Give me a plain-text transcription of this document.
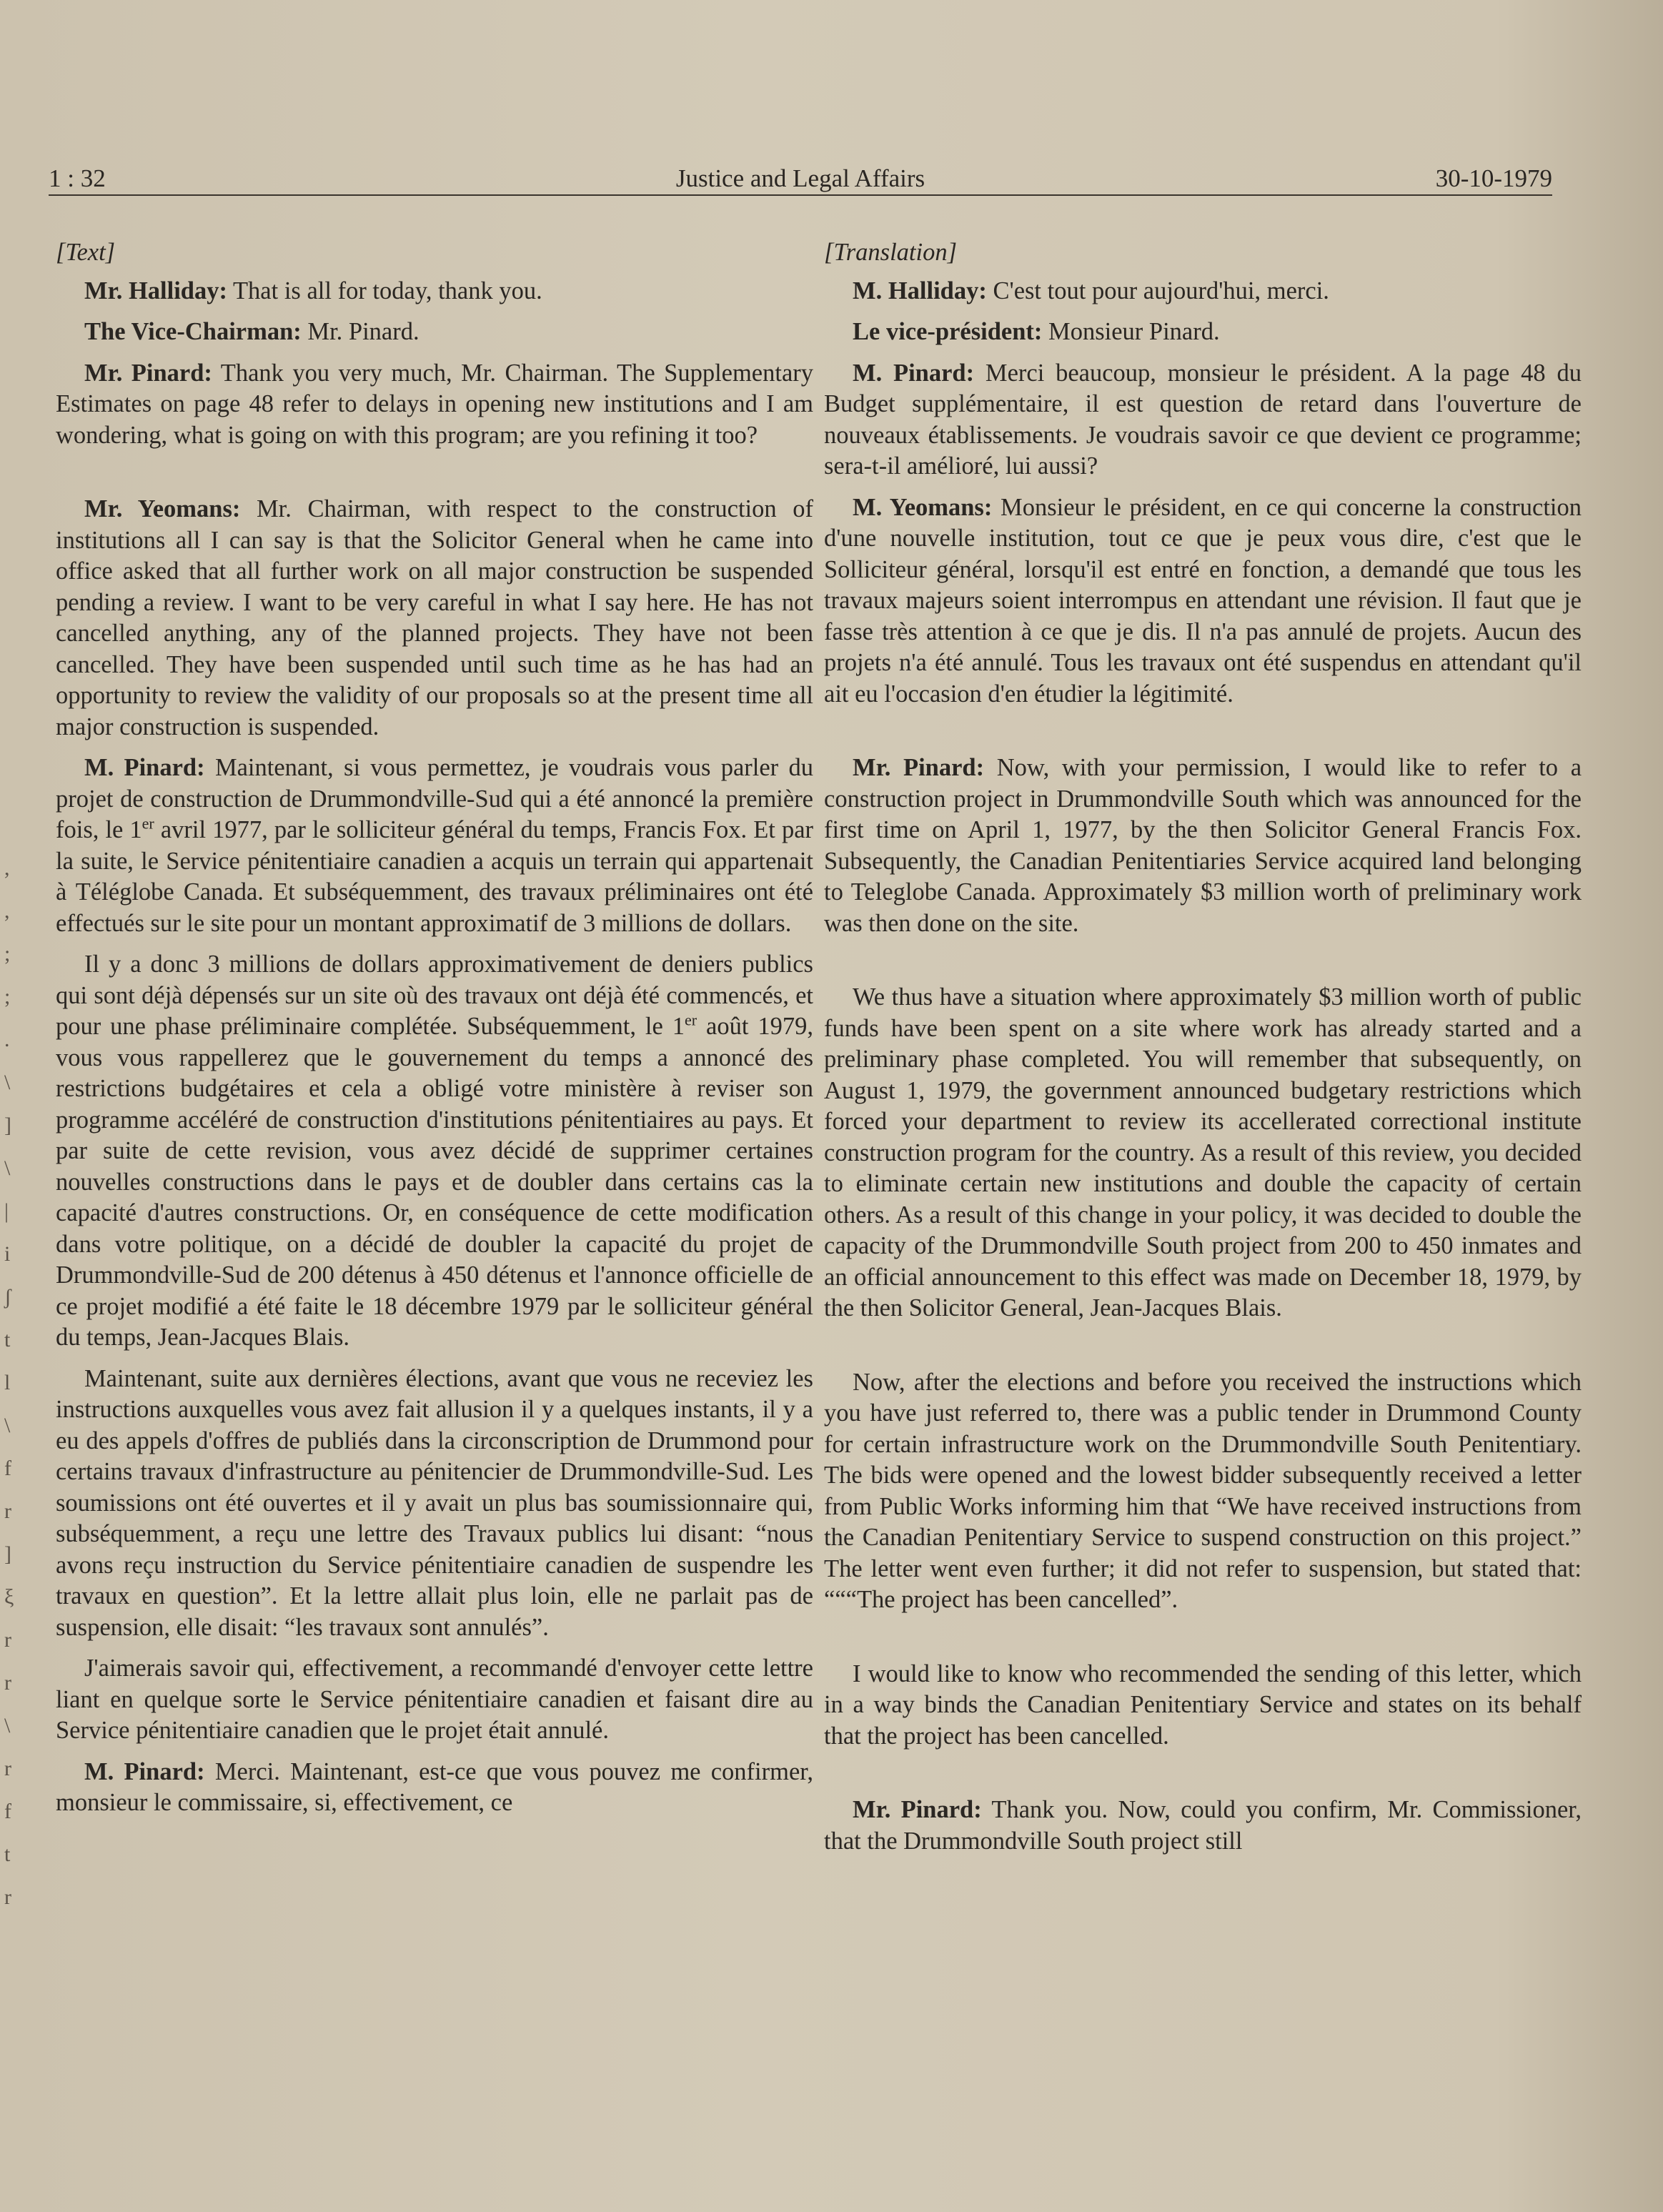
1 : 32	Justice and Legal Affairs	30-10-1979
,
,
;
;
.
\
]
\
|
i
ʃ
t
l
\
f
r
]
ξ
r
r
\
r
f
t
r

[Text]

Mr. Halliday: That is all for today, thank you.

The Vice-Chairman: Mr. Pinard.

Mr. Pinard: Thank you very much, Mr. Chairman. The Supplementary Estimates on page 48 refer to delays in opening new institutions and I am wondering, what is going on with this program; are you refining it too?

Mr. Yeomans: Mr. Chairman, with respect to the construction of institutions all I can say is that the Solicitor General when he came into office asked that all further work on all major construction be suspended pending a review. I want to be very careful in what I say here. He has not cancelled anything, any of the planned projects. They have not been cancelled. They have been suspended until such time as he has had an opportunity to review the validity of our proposals so at the present time all major construction is suspended.

M. Pinard: Maintenant, si vous permettez, je voudrais vous parler du projet de construction de Drummondville-Sud qui a été annoncé la première fois, le 1er avril 1977, par le solliciteur général du temps, Francis Fox. Et par la suite, le Service pénitentiaire canadien a acquis un terrain qui appartenait à Téléglobe Canada. Et subséquemment, des travaux préliminaires ont été effectués sur le site pour un montant approximatif de 3 millions de dollars.

Il y a donc 3 millions de dollars approximativement de deniers publics qui sont déjà dépensés sur un site où des travaux ont déjà été commencés, et pour une phase préliminaire complétée. Subséquemment, le 1er août 1979, vous vous rappellerez que le gouvernement du temps a annoncé des restrictions budgétaires et cela a obligé votre ministère à reviser son programme accéléré de construction d'institutions pénitentiaires au pays. Et par suite de cette revision, vous avez décidé de supprimer certaines nouvelles constructions dans le pays et de doubler dans certains cas la capacité d'autres constructions. Or, en conséquence de cette modification dans votre politique, on a décidé de doubler la capacité du projet de Drummondville-Sud de 200 détenus à 450 détenus et l'annonce officielle de ce projet modifié a été faite le 18 décembre 1979 par le solliciteur général du temps, Jean-Jacques Blais.

Maintenant, suite aux dernières élections, avant que vous ne receviez les instructions auxquelles vous avez fait allusion il y a quelques instants, il y a eu des appels d'offres de publiés dans la circonscription de Drummond pour certains travaux d'infrastructure au pénitencier de Drummondville-Sud. Les soumissions ont été ouvertes et il y avait un plus bas soumissionnaire qui, subséquemment, a reçu une lettre des Travaux publics lui disant: “nous avons reçu instruction du Service pénitentiaire canadien de suspendre les travaux en question”. Et la lettre allait plus loin, elle ne parlait pas de suspension, elle disait: “les travaux sont annulés”.

J'aimerais savoir qui, effectivement, a recommandé d'envoyer cette lettre liant en quelque sorte le Service pénitentiaire canadien et faisant dire au Service pénitentiaire canadien que le projet était annulé.

M. Pinard: Merci. Maintenant, est-ce que vous pouvez me confirmer, monsieur le commissaire, si, effectivement, ce

[Translation]

M. Halliday: C'est tout pour aujourd'hui, merci.

Le vice-président: Monsieur Pinard.

M. Pinard: Merci beaucoup, monsieur le président. A la page 48 du Budget supplémentaire, il est question de retard dans l'ouverture de nouveaux établissements. Je voudrais savoir ce que devient ce programme; sera-t-il amélioré, lui aussi?

M. Yeomans: Monsieur le président, en ce qui concerne la construction d'une nouvelle institution, tout ce que je peux vous dire, c'est que le Solliciteur général, lorsqu'il est entré en fonction, a demandé que tous les travaux majeurs soient interrompus en attendant une révision. Il faut que je fasse très attention à ce que je dis. Il n'a pas annulé de projets. Aucun des projets n'a été annulé. Tous les travaux ont été suspendus en attendant qu'il ait eu l'occasion d'en étudier la légitimité.

Mr. Pinard: Now, with your permission, I would like to refer to a construction project in Drummondville South which was announced for the first time on April 1, 1977, by the then Solicitor General Francis Fox. Subsequently, the Canadian Penitentiaries Service acquired land belonging to Teleglobe Canada. Approximately $3 million worth of preliminary work was then done on the site.

We thus have a situation where approximately $3 million worth of public funds have been spent on a site where work has already started and a preliminary phase completed. You will remember that subsequently, on August 1, 1979, the government announced budgetary restrictions which forced your department to review its accellerated correctional institute construction program for the country. As a result of this review, you decided to eliminate certain new institutions and double the capacity of certain others. As a result of this change in your policy, it was decided to double the capacity of the Drummondville South project from 200 to 450 inmates and an official announcement to this effect was made on December 18, 1979, by the then Solicitor General, Jean-Jacques Blais.

Now, after the elections and before you received the instructions which you have just referred to, there was a public tender in Drummond County for certain infrastructure work on the Drummondville South Penitentiary. The bids were opened and the lowest bidder subsequently received a letter from Public Works informing him that “We have received instructions from the Canadian Penitentiary Service to suspend construction on this project.” The letter went even further; it did not refer to suspension, but stated that: “““The project has been cancelled”.

I would like to know who recommended the sending of this letter, which in a way binds the Canadian Penitentiary Service and states on its behalf that the project has been cancelled.

Mr. Pinard: Thank you. Now, could you confirm, Mr. Commissioner, that the Drummondville South project still
